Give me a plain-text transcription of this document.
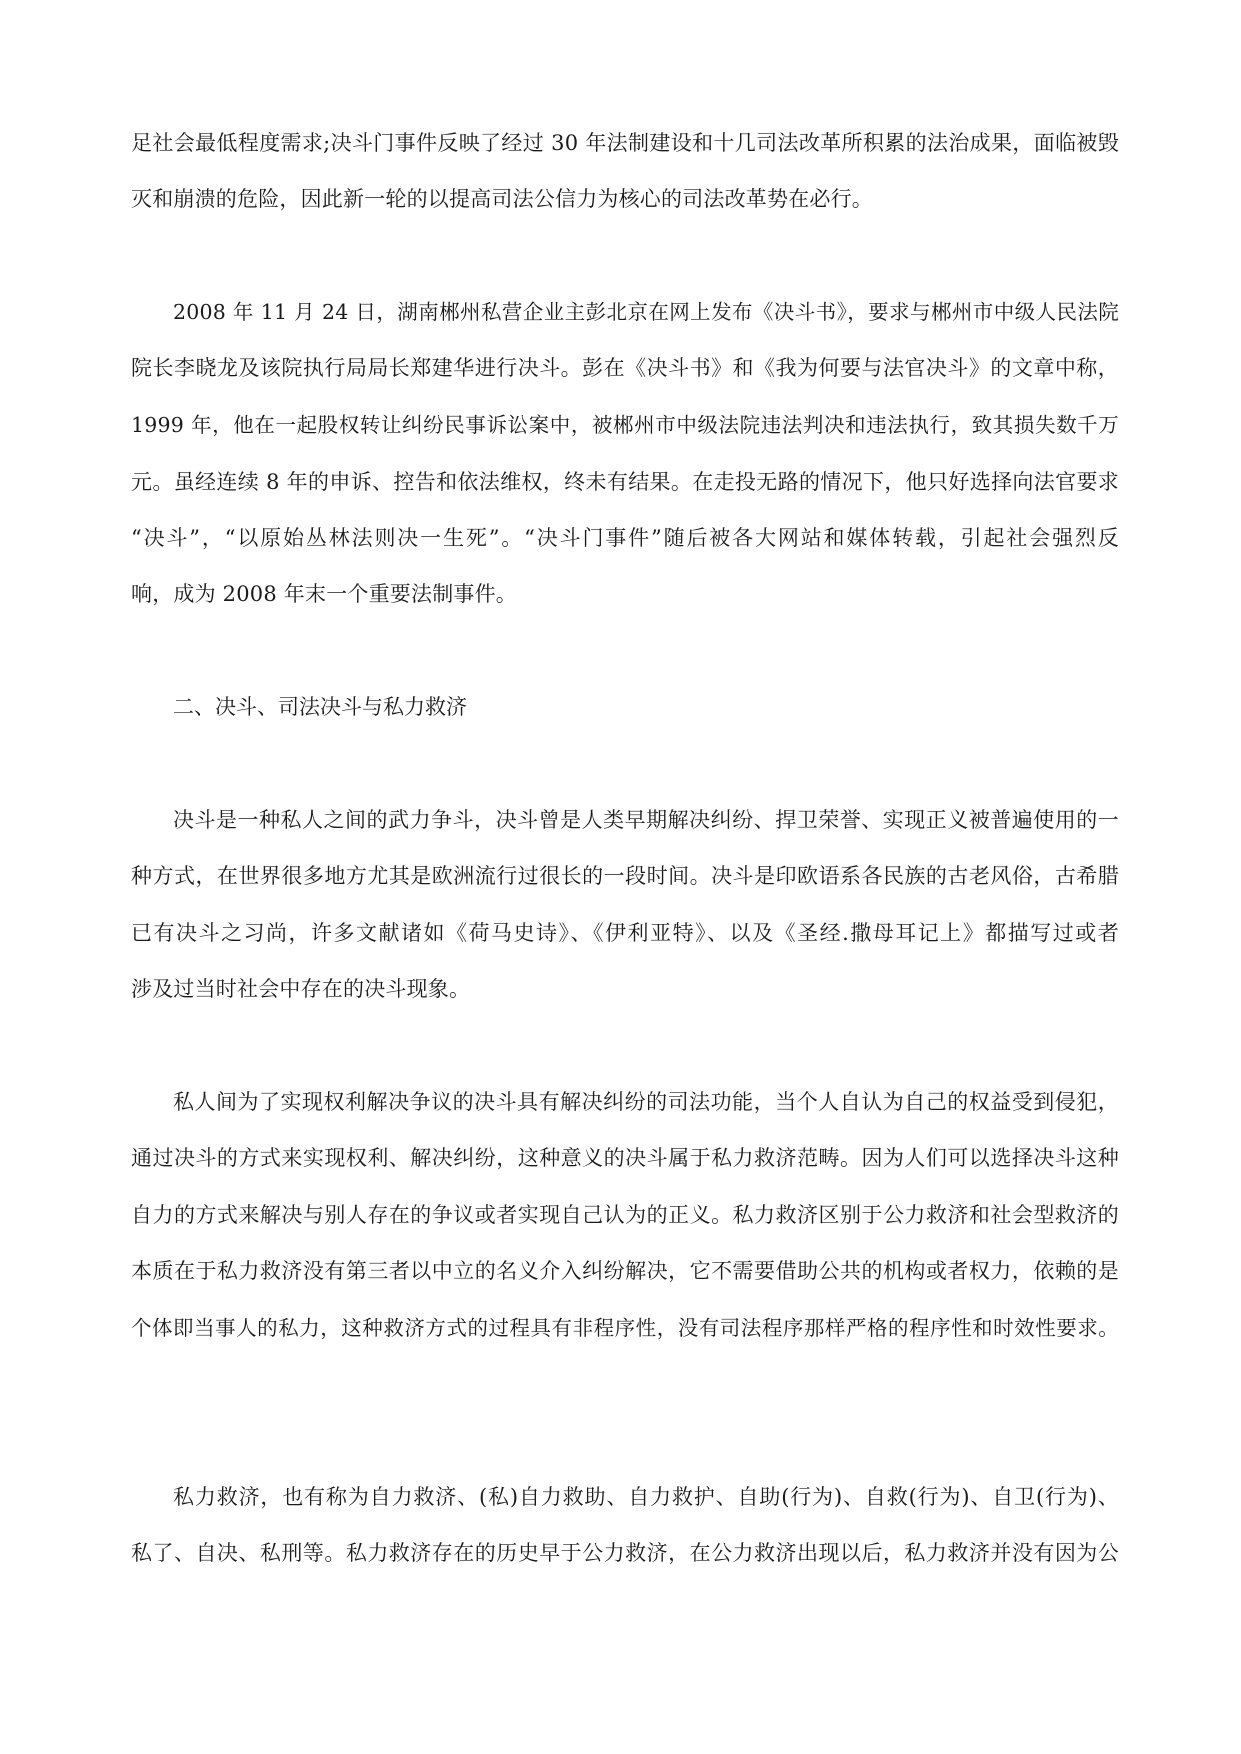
足社会最低程度需求;决斗门事件反映了经过 30 年法制建设和十几司法改革所积累的法治成果，面临被毁
灭和崩溃的危险，因此新一轮的以提高司法公信力为核心的司法改革势在必行。
2008 年 11 月 24 日，湖南郴州私营企业主彭北京在网上发布《决斗书》，要求与郴州市中级人民法院
院长李晓龙及该院执行局局长郑建华进行决斗。彭在《决斗书》和《我为何要与法官决斗》的文章中称，
1999 年，他在一起股权转让纠纷民事诉讼案中，被郴州市中级法院违法判决和违法执行，致其损失数千万
元。虽经连续 8 年的申诉、控告和依法维权，终未有结果。在走投无路的情况下，他只好选择向法官要求
“决斗”，“以原始丛林法则决一生死”。“决斗门事件”随后被各大网站和媒体转载，引起社会强烈反
响，成为 2008 年末一个重要法制事件。
二、决斗、司法决斗与私力救济
决斗是一种私人之间的武力争斗，决斗曾是人类早期解决纠纷、捍卫荣誉、实现正义被普遍使用的一
种方式，在世界很多地方尤其是欧洲流行过很长的一段时间。决斗是印欧语系各民族的古老风俗，古希腊
已有决斗之习尚，许多文献诸如《荷马史诗》、《伊利亚特》、以及《圣经.撒母耳记上》都描写过或者
涉及过当时社会中存在的决斗现象。
私人间为了实现权利解决争议的决斗具有解决纠纷的司法功能，当个人自认为自己的权益受到侵犯，
通过决斗的方式来实现权利、解决纠纷，这种意义的决斗属于私力救济范畴。因为人们可以选择决斗这种
自力的方式来解决与别人存在的争议或者实现自己认为的正义。私力救济区别于公力救济和社会型救济的
本质在于私力救济没有第三者以中立的名义介入纠纷解决，它不需要借助公共的机构或者权力，依赖的是
个体即当事人的私力，这种救济方式的过程具有非程序性，没有司法程序那样严格的程序性和时效性要求。
私力救济，也有称为自力救济、(私)自力救助、自力救护、自助(行为)、自救(行为)、自卫(行为)、
私了、自决、私刑等。私力救济存在的历史早于公力救济，在公力救济出现以后，私力救济并没有因为公
